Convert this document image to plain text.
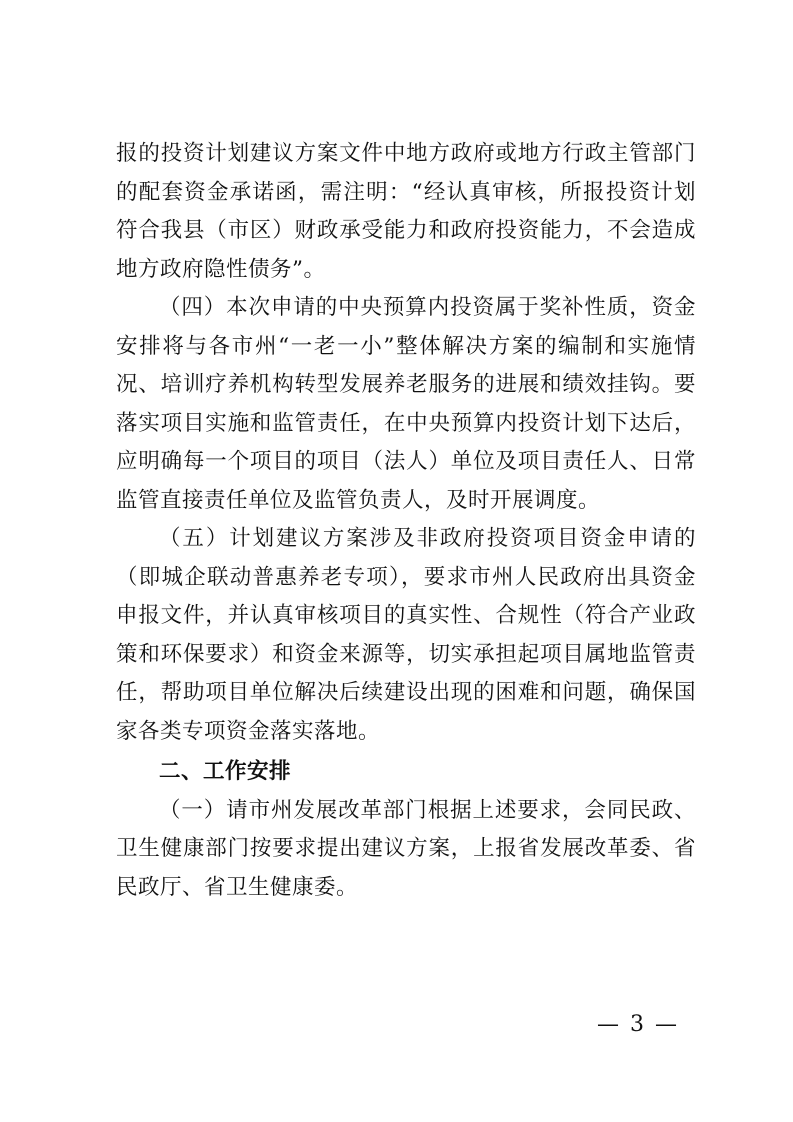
报的投资计划建议方案文件中地方政府或地方行政主管部门的配套资金承诺函，需注明：“经认真审核，所报投资计划符合我县（市区）财政承受能力和政府投资能力，不会造成地方政府隐性债务”。

（四）本次申请的中央预算内投资属于奖补性质，资金安排将与各市州“一老一小”整体解决方案的编制和实施情况、培训疗养机构转型发展养老服务的进展和绩效挂钩。要落实项目实施和监管责任，在中央预算内投资计划下达后，应明确每一个项目的项目（法人）单位及项目责任人、日常监管直接责任单位及监管负责人，及时开展调度。

（五）计划建议方案涉及非政府投资项目资金申请的（即城企联动普惠养老专项），要求市州人民政府出具资金申报文件，并认真审核项目的真实性、合规性（符合产业政策和环保要求）和资金来源等，切实承担起项目属地监管责任，帮助项目单位解决后续建设出现的困难和问题，确保国家各类专项资金落实落地。

二、工作安排

（一）请市州发展改革部门根据上述要求，会同民政、卫生健康部门按要求提出建议方案，上报省发展改革委、省民政厅、省卫生健康委。

— 3 —
